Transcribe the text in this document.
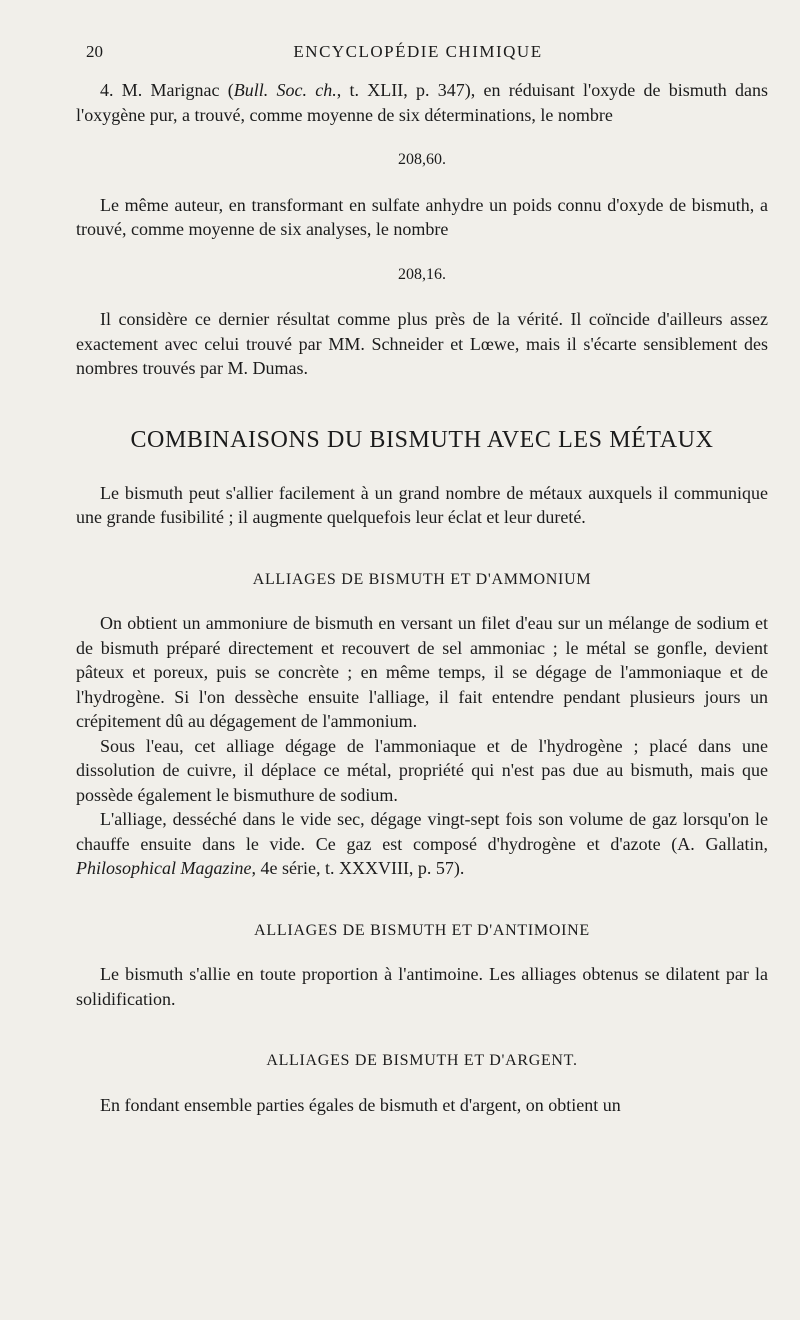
20	ENCYCLOPÉDIE CHIMIQUE

4. M. Marignac (Bull. Soc. ch., t. XLII, p. 347), en réduisant l'oxyde de bismuth dans l'oxygène pur, a trouvé, comme moyenne de six déterminations, le nombre

208,60.

Le même auteur, en transformant en sulfate anhydre un poids connu d'oxyde de bismuth, a trouvé, comme moyenne de six analyses, le nombre

208,16.

Il considère ce dernier résultat comme plus près de la vérité. Il coïncide d'ailleurs assez exactement avec celui trouvé par MM. Schneider et Lœwe, mais il s'écarte sensiblement des nombres trouvés par M. Dumas.

COMBINAISONS DU BISMUTH AVEC LES MÉTAUX

Le bismuth peut s'allier facilement à un grand nombre de métaux auxquels il communique une grande fusibilité ; il augmente quelquefois leur éclat et leur dureté.

ALLIAGES DE BISMUTH ET D'AMMONIUM

On obtient un ammoniure de bismuth en versant un filet d'eau sur un mélange de sodium et de bismuth préparé directement et recouvert de sel ammoniac ; le métal se gonfle, devient pâteux et poreux, puis se concrète ; en même temps, il se dégage de l'ammoniaque et de l'hydrogène. Si l'on dessèche ensuite l'alliage, il fait entendre pendant plusieurs jours un crépitement dû au dégagement de l'ammonium.

Sous l'eau, cet alliage dégage de l'ammoniaque et de l'hydrogène ; placé dans une dissolution de cuivre, il déplace ce métal, propriété qui n'est pas due au bismuth, mais que possède également le bismuthure de sodium.

L'alliage, desséché dans le vide sec, dégage vingt-sept fois son volume de gaz lorsqu'on le chauffe ensuite dans le vide. Ce gaz est composé d'hydrogène et d'azote (A. Gallatin, Philosophical Magazine, 4e série, t. XXXVIII, p. 57).

ALLIAGES DE BISMUTH ET D'ANTIMOINE

Le bismuth s'allie en toute proportion à l'antimoine. Les alliages obtenus se dilatent par la solidification.

ALLIAGES DE BISMUTH ET D'ARGENT.

En fondant ensemble parties égales de bismuth et d'argent, on obtient un
